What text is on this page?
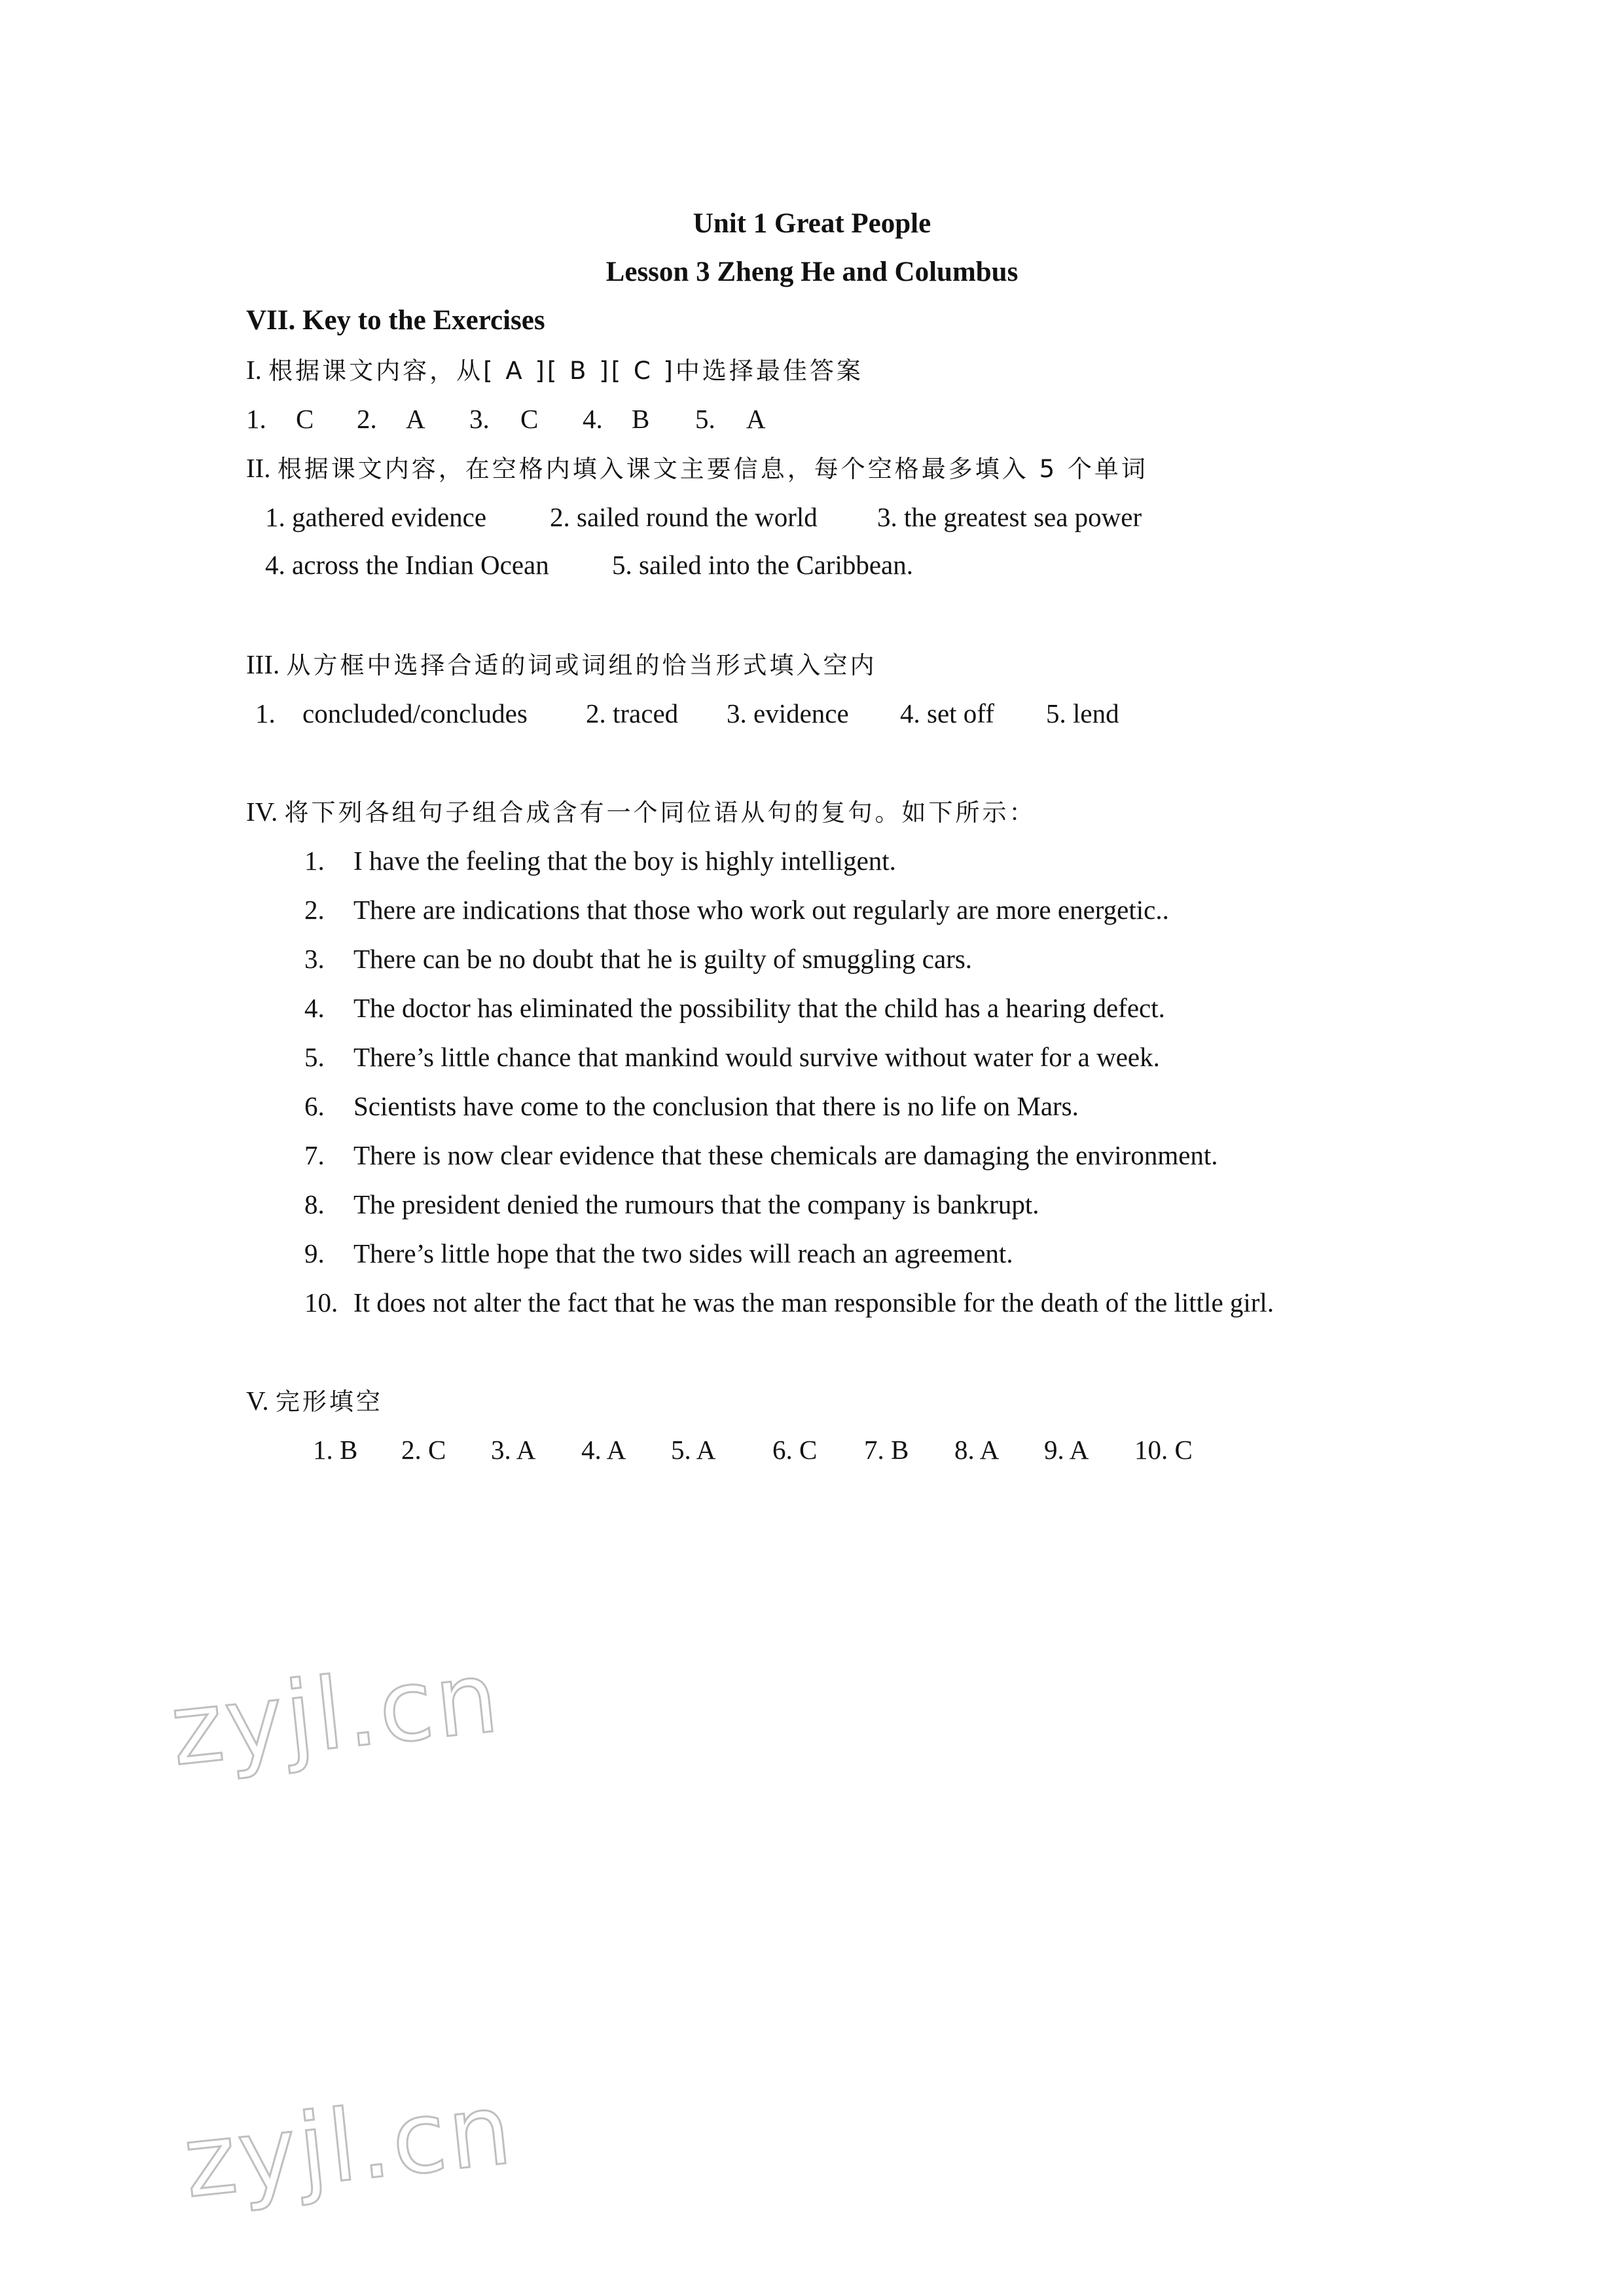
Unit 1 Great People
Lesson 3 Zheng He and Columbus
VII. Key to the Exercises
I. 根据课文内容，从[ A ][ B ][ C ]中选择最佳答案
1. C 2. A 3. C 4. B 5. A
II. 根据课文内容，在空格内填入课文主要信息，每个空格最多填入 5 个单词
1. gathered evidence 2. sailed round the world 3. the greatest sea power
4. across the Indian Ocean 5. sailed into the Caribbean.
III. 从方框中选择合适的词或词组的恰当形式填入空内
1. concluded/concludes 2. traced 3. evidence 4. set off 5. lend
IV. 将下列各组句子组合成含有一个同位语从句的复句。如下所示：
1. I have the feeling that the boy is highly intelligent.
2. There are indications that those who work out regularly are more energetic..
3. There can be no doubt that he is guilty of smuggling cars.
4. The doctor has eliminated the possibility that the child has a hearing defect.
5. There’s little chance that mankind would survive without water for a week.
6. Scientists have come to the conclusion that there is no life on Mars.
7. There is now clear evidence that these chemicals are damaging the environment.
8. The president denied the rumours that the company is bankrupt.
9. There’s little hope that the two sides will reach an agreement.
10. It does not alter the fact that he was the man responsible for the death of the little girl.
V. 完形填空
1. B 2. C 3. A 4. A 5. A 6. C 7. B 8. A 9. A 10. C
zyjl.cn
zyjl.cn
